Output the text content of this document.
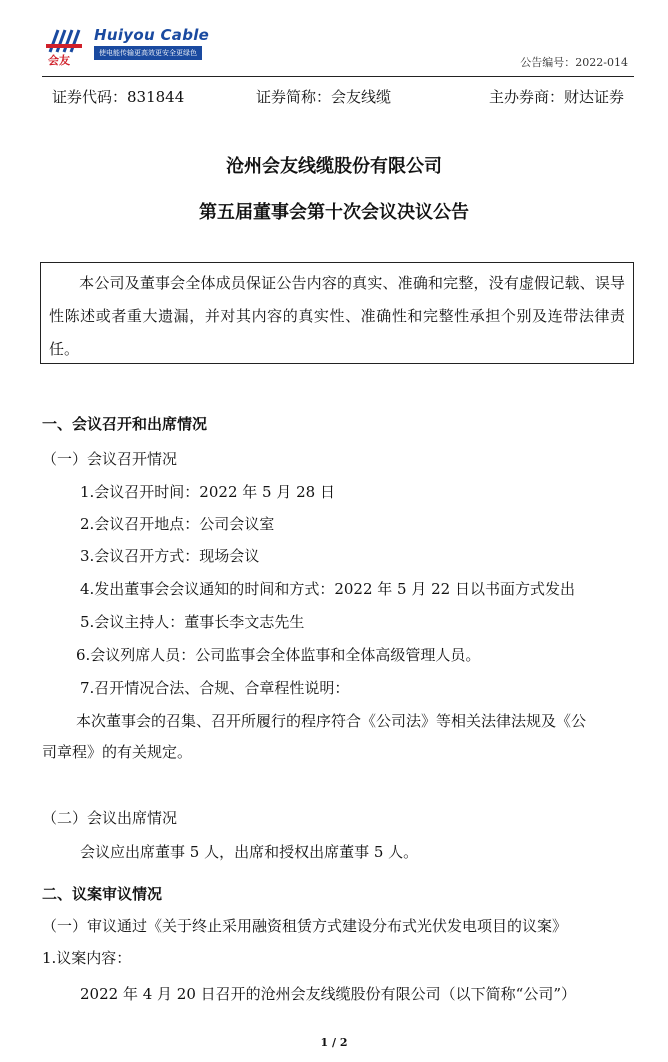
会友
Huiyou Cable
使电能传输更高效更安全更绿色
公告编号：2022-014
证券代码：831844	证券简称：会友线缆	主办券商：财达证券
沧州会友线缆股份有限公司
第五届董事会第十次会议决议公告
本公司及董事会全体成员保证公告内容的真实、准确和完整，没有虚假记载、误导性陈述或者重大遗漏，并对其内容的真实性、准确性和完整性承担个别及连带法律责任。
一、会议召开和出席情况
（一）会议召开情况
1.会议召开时间：2022 年 5 月 28 日
2.会议召开地点：公司会议室
3.会议召开方式：现场会议
4.发出董事会会议通知的时间和方式：2022 年 5 月 22 日以书面方式发出
5.会议主持人：董事长李文志先生
6.会议列席人员：公司监事会全体监事和全体高级管理人员。
7.召开情况合法、合规、合章程性说明：
本次董事会的召集、召开所履行的程序符合《公司法》等相关法律法规及《公
司章程》的有关规定。
（二）会议出席情况
会议应出席董事 5 人，出席和授权出席董事 5 人。
二、议案审议情况
（一）审议通过《关于终止采用融资租赁方式建设分布式光伏发电项目的议案》
1.议案内容：
2022 年 4 月 20 日召开的沧州会友线缆股份有限公司（以下简称“公司”）
1 / 2
